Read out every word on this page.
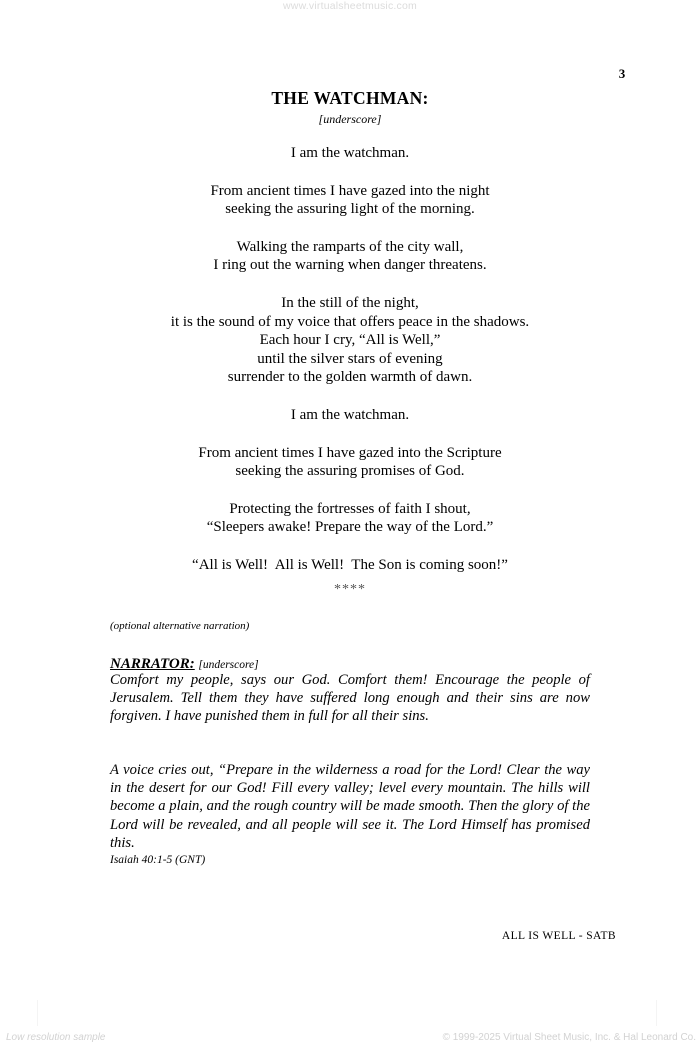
www.virtualsheetmusic.com
3
THE WATCHMAN:
[underscore]
I am the watchman.
From ancient times I have gazed into the night
seeking the assuring light of the morning.
Walking the ramparts of the city wall,
I ring out the warning when danger threatens.
In the still of the night,
it is the sound of my voice that offers peace in the shadows.
Each hour I cry, “All is Well,”
until the silver stars of evening
surrender to the golden warmth of dawn.
I am the watchman.
From ancient times I have gazed into the Scripture
seeking the assuring promises of God.
Protecting the fortresses of faith I shout,
“Sleepers awake! Prepare the way of the Lord.”
“All is Well!  All is Well!  The Son is coming soon!”
****
(optional alternative narration)
NARRATOR: [underscore]
Comfort my people, says our God. Comfort them! Encourage the people of Jerusalem. Tell them they have suffered long enough and their sins are now forgiven. I have punished them in full for all their sins.
A voice cries out, “Prepare in the wilderness a road for the Lord! Clear the way in the desert for our God! Fill every valley; level every mountain. The hills will become a plain, and the rough country will be made smooth. Then the glory of the Lord will be revealed, and all people will see it. The Lord Himself has promised this.
Isaiah 40:1-5 (GNT)
ALL IS WELL - SATB
Low resolution sample	© 1999-2025 Virtual Sheet Music, Inc. & Hal Leonard Co.
